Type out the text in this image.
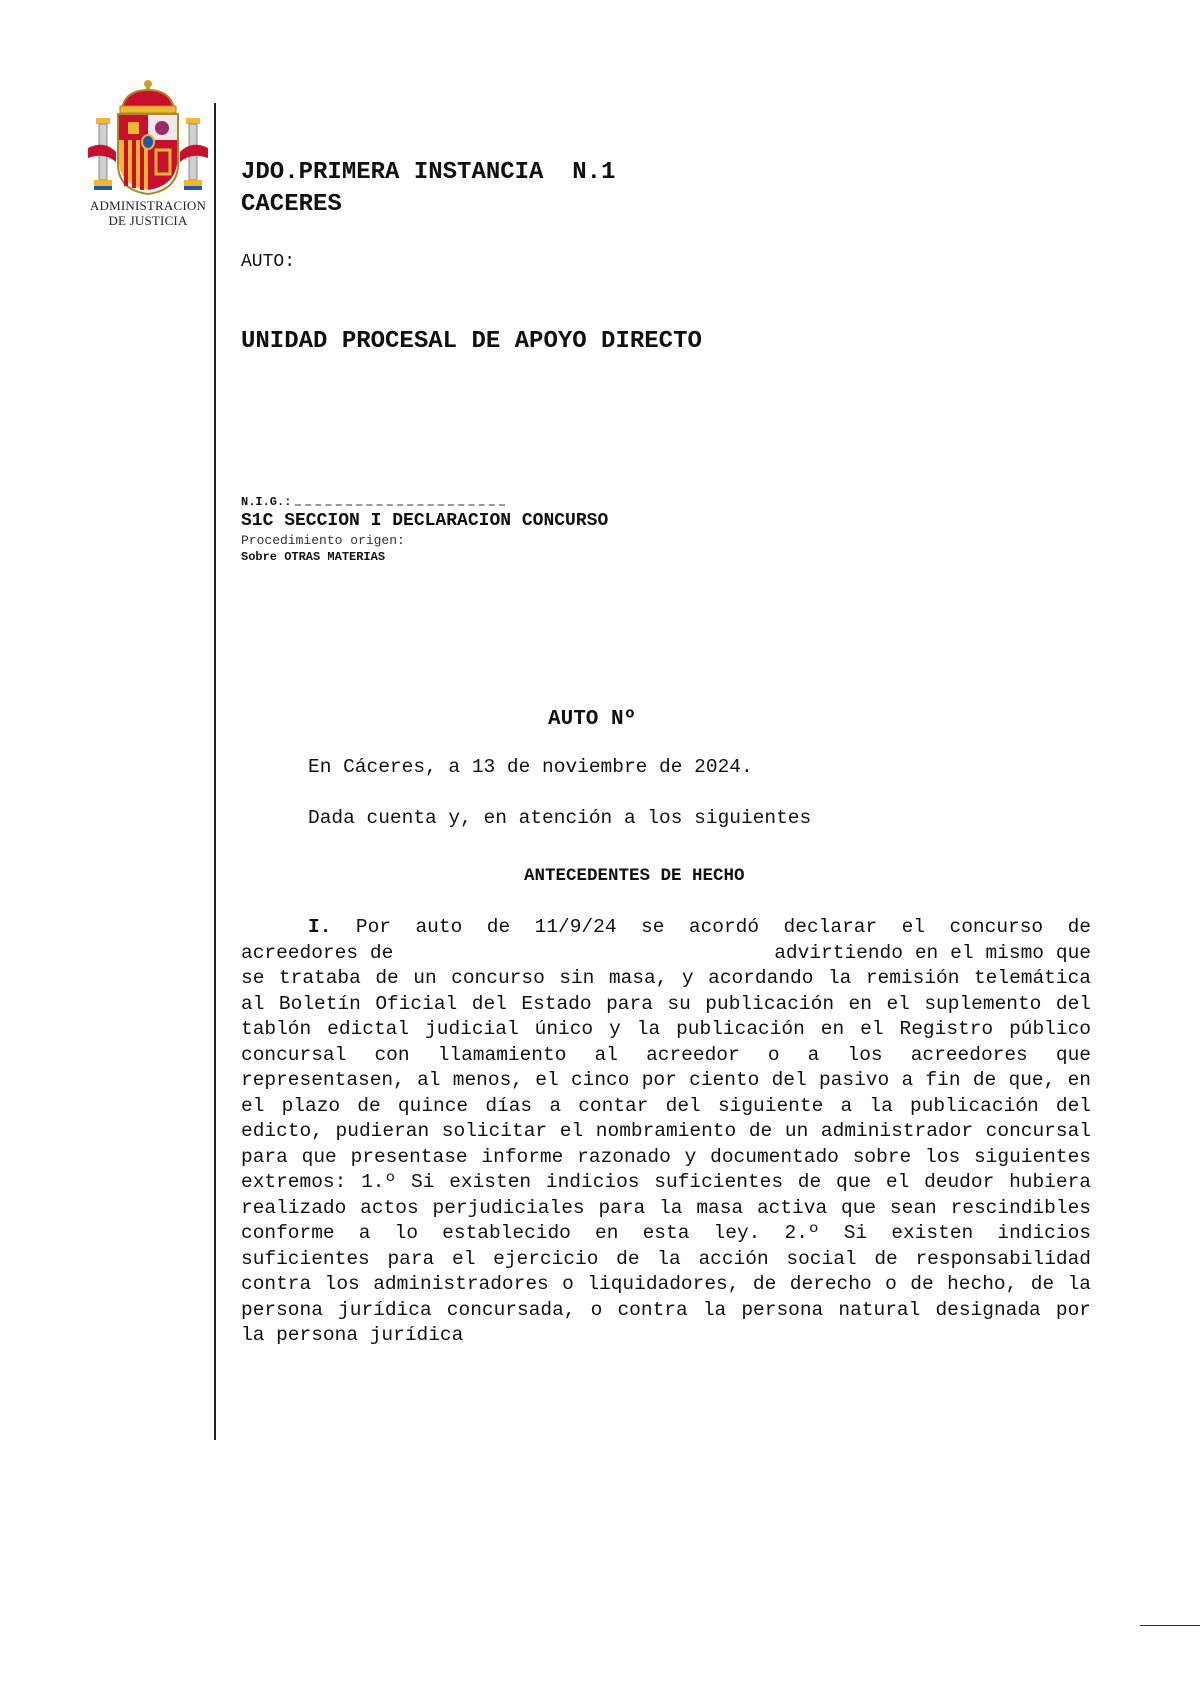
ADMINISTRACION
DE JUSTICIA
JDO.PRIMERA INSTANCIA  N.1
CACERES
AUTO:
UNIDAD PROCESAL DE APOYO DIRECTO
N.I.G.:
S1C SECCION I DECLARACION CONCURSO
Procedimiento origen:
Sobre OTRAS MATERIAS
AUTO Nº
En Cáceres, a 13 de noviembre de 2024.
Dada cuenta y, en atención a los siguientes
ANTECEDENTES DE HECHO
I. Por auto de 11/9/24 se acordó declarar el concurso de acreedores de                                advirtiendo en el mismo que se trataba de un concurso sin masa, y acordando la remisión telemática al Boletín Oficial del Estado para su publicación en el suplemento del tablón edictal judicial único y la publicación en el Registro público concursal con llamamiento al acreedor o a los acreedores que representasen, al menos, el cinco por ciento del pasivo a fin de que, en el plazo de quince días a contar del siguiente a la publicación del edicto, pudieran solicitar el nombramiento de un administrador concursal para que presentase informe razonado y documentado sobre los siguientes extremos: 1.º Si existen indicios suficientes de que el deudor hubiera realizado actos perjudiciales para la masa activa que sean rescindibles conforme a lo establecido en esta ley. 2.º Si existen indicios suficientes para el ejercicio de la acción social de responsabilidad contra los administradores o liquidadores, de derecho o de hecho, de la persona jurídica concursada, o contra la persona natural designada por la persona jurídica
